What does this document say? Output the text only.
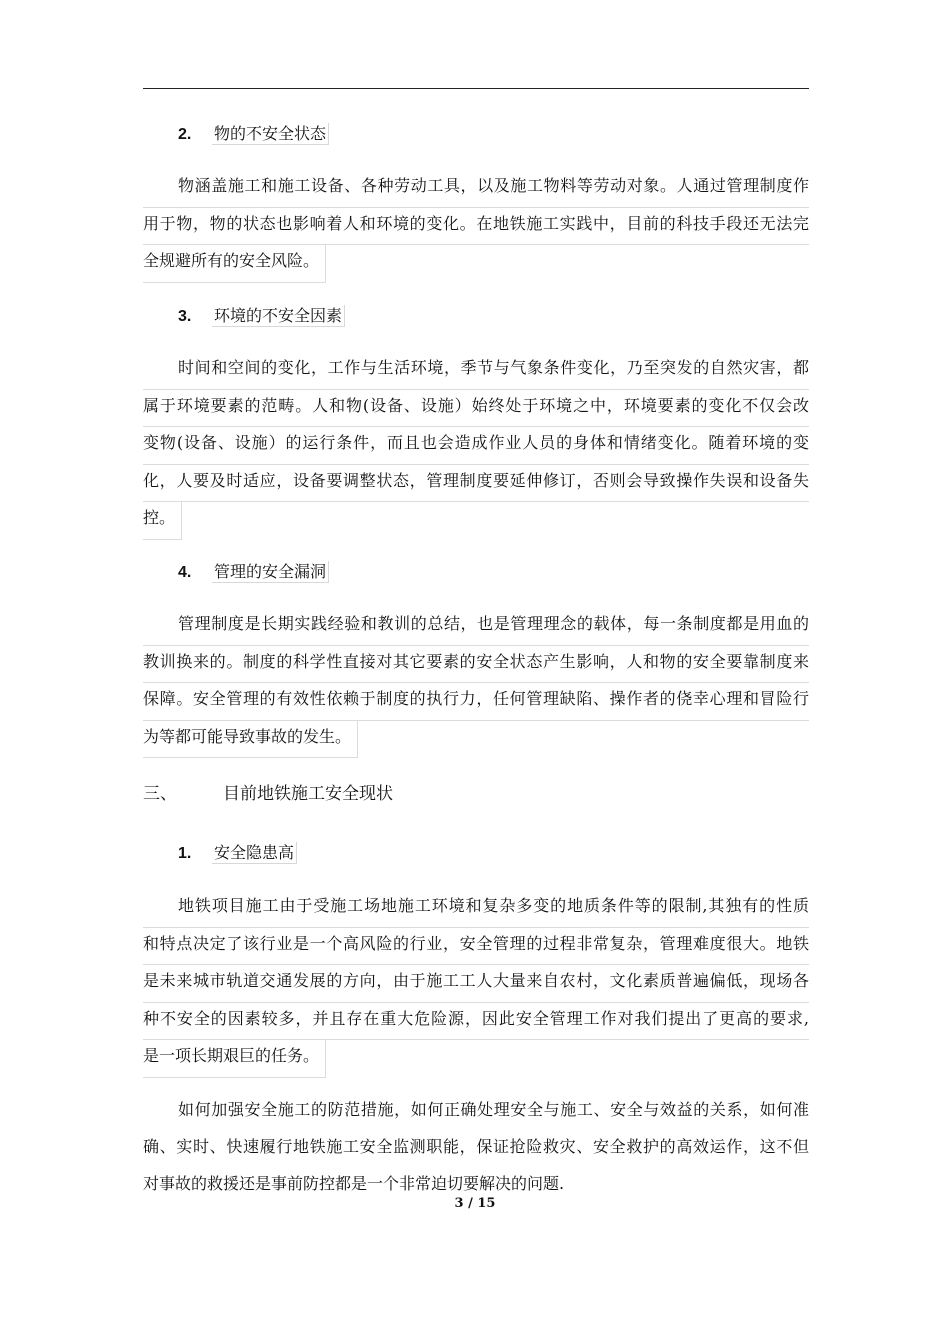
2. 物的不安全状态
物涵盖施工和施工设备、各种劳动工具，以及施工物料等劳动对象。人通过管理制度作
用于物，物的状态也影响着人和环境的变化。在地铁施工实践中，目前的科技手段还无法完
全规避所有的安全风险。
3. 环境的不安全因素
时间和空间的变化，工作与生活环境，季节与气象条件变化，乃至突发的自然灾害，都
属于环境要素的范畴。人和物(设备、设施）始终处于环境之中，环境要素的变化不仅会改
变物(设备、设施）的运行条件，而且也会造成作业人员的身体和情绪变化。随着环境的变
化，人要及时适应，设备要调整状态，管理制度要延伸修订，否则会导致操作失误和设备失
控。
4. 管理的安全漏洞
管理制度是长期实践经验和教训的总结，也是管理理念的载体，每一条制度都是用血的
教训换来的。制度的科学性直接对其它要素的安全状态产生影响，人和物的安全要靠制度来
保障。安全管理的有效性依赖于制度的执行力，任何管理缺陷、操作者的侥幸心理和冒险行
为等都可能导致事故的发生。
三、	目前地铁施工安全现状
1. 安全隐患高
地铁项目施工由于受施工场地施工环境和复杂多变的地质条件等的限制,其独有的性质
和特点决定了该行业是一个高风险的行业，安全管理的过程非常复杂，管理难度很大。地铁
是未来城市轨道交通发展的方向，由于施工工人大量来自农村，文化素质普遍偏低，现场各
种不安全的因素较多，并且存在重大危险源，因此安全管理工作对我们提出了更高的要求,
是一项长期艰巨的任务。
如何加强安全施工的防范措施，如何正确处理安全与施工、安全与效益的关系，如何准
确、实时、快速履行地铁施工安全监测职能，保证抢险救灾、安全救护的高效运作，这不但
对事故的救援还是事前防控都是一个非常迫切要解决的问题.
3 / 15
